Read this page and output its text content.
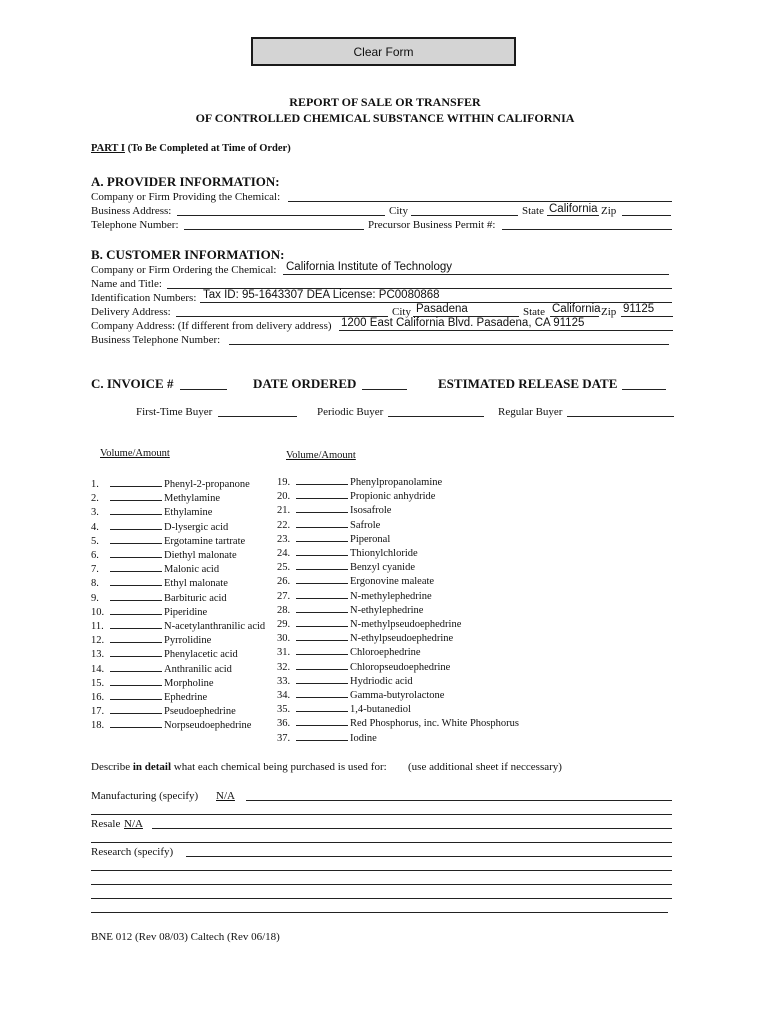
Clear Form
REPORT OF SALE OR TRANSFER
OF CONTROLLED CHEMICAL SUBSTANCE WITHIN CALIFORNIA
PART I (To Be Completed at Time of Order)
A. PROVIDER INFORMATION:
Company or Firm Providing the Chemical:
Business Address:	City	State California Zip
Telephone Number:	Precursor Business Permit #:
B. CUSTOMER INFORMATION:
Company or Firm Ordering the Chemical: California Institute of Technology
Name and Title:
Identification Numbers: Tax ID: 95-1643307 DEA License: PC0080868
Delivery Address:	City Pasadena	State California Zip 91125
Company Address: (If different from delivery address) 1200 East California Blvd. Pasadena, CA 91125
Business Telephone Number:
C. INVOICE #	DATE ORDERED	ESTIMATED RELEASE DATE
First-Time Buyer	Periodic Buyer	Regular Buyer
Volume/Amount	Volume/Amount
1.	Phenyl-2-propanone
2.	Methylamine
3.	Ethylamine
4.	D-lysergic acid
5.	Ergotamine tartrate
6.	Diethyl malonate
7.	Malonic acid
8.	Ethyl malonate
9.	Barbituric acid
10.	Piperidine
11.	N-acetylanthranilic acid
12.	Pyrrolidine
13.	Phenylacetic acid
14.	Anthranilic acid
15.	Morpholine
16.	Ephedrine
17.	Pseudoephedrine
18.	Norpseudoephedrine
19.	Phenylpropanolamine
20.	Propionic anhydride
21.	Isosafrole
22.	Safrole
23.	Piperonal
24.	Thionylchloride
25.	Benzyl cyanide
26.	Ergonovine maleate
27.	N-methylephedrine
28.	N-ethylephedrine
29.	N-methylpseudoephedrine
30.	N-ethylpseudoephedrine
31.	Chloroephedrine
32.	Chloropseudoephedrine
33.	Hydriodic acid
34.	Gamma-butyrolactone
35.	1,4-butanediol
36.	Red Phosphorus, inc. White Phosphorus
37.	Iodine
Describe in detail what each chemical being purchased is used for: (use additional sheet if neccessary)
Manufacturing (specify) N/A
Resale N/A
Research (specify)
BNE 012 (Rev 08/03) Caltech (Rev 06/18)
